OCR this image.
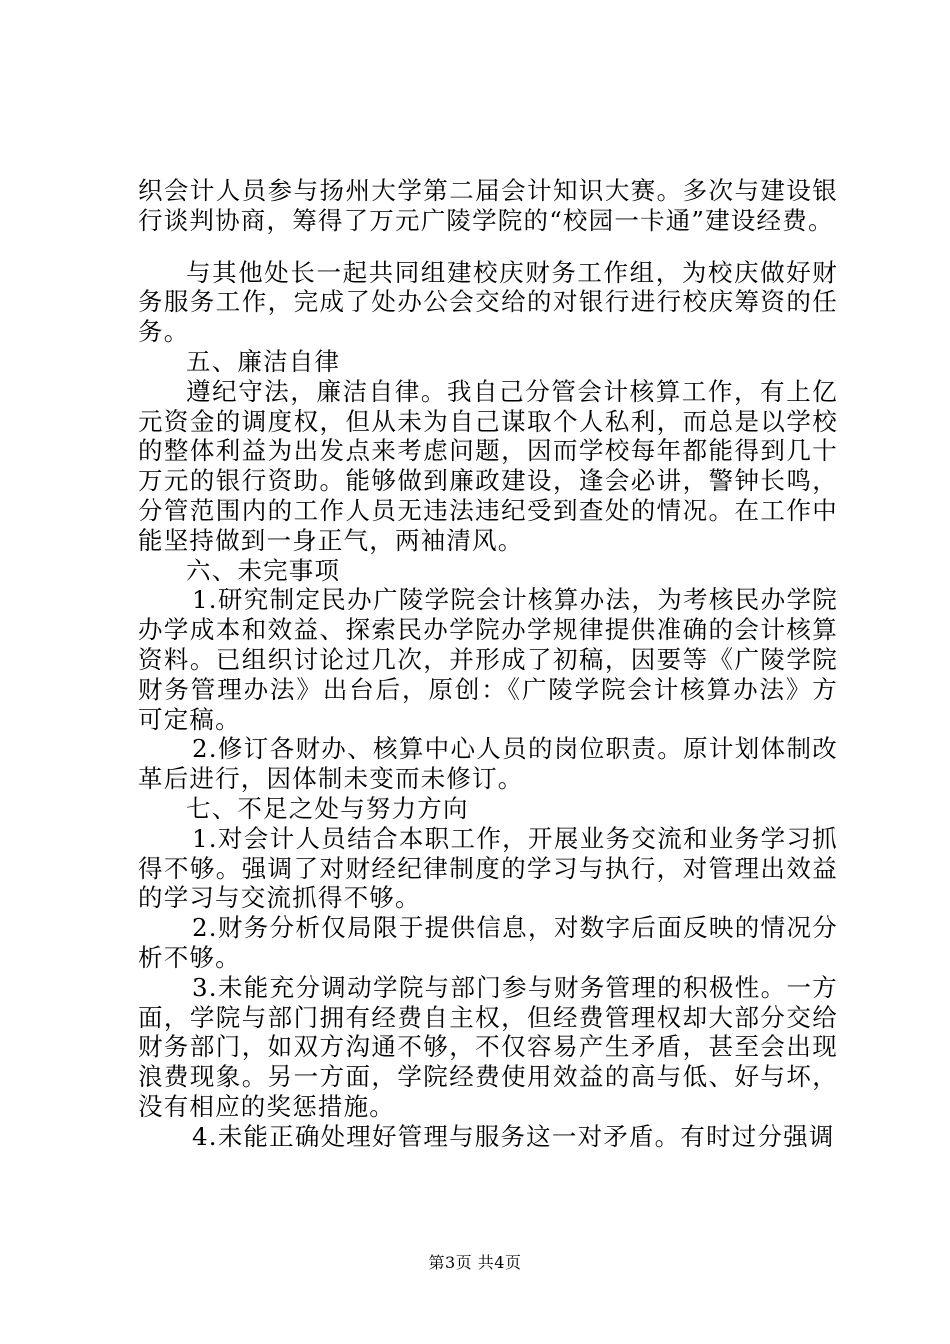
织会计人员参与扬州大学第二届会计知识大赛。多次与建设银行谈判协商，筹得了万元广陵学院的“校园一卡通”建设经费。

与其他处长一起共同组建校庆财务工作组，为校庆做好财务服务工作，完成了处办公会交给的对银行进行校庆筹资的任务。

五、廉洁自律

遵纪守法，廉洁自律。我自己分管会计核算工作，有上亿元资金的调度权，但从未为自己谋取个人私利，而总是以学校的整体利益为出发点来考虑问题，因而学校每年都能得到几十万元的银行资助。能够做到廉政建设，逢会必讲，警钟长鸣，分管范围内的工作人员无违法违纪受到查处的情况。在工作中能坚持做到一身正气，两袖清风。

六、未完事项

1.研究制定民办广陵学院会计核算办法，为考核民办学院办学成本和效益、探索民办学院办学规律提供准确的会计核算资料。已组织讨论过几次，并形成了初稿，因要等《广陵学院财务管理办法》出台后，原创：《广陵学院会计核算办法》方可定稿。

2.修订各财办、核算中心人员的岗位职责。原计划体制改革后进行，因体制未变而未修订。

七、不足之处与努力方向

1.对会计人员结合本职工作，开展业务交流和业务学习抓得不够。强调了对财经纪律制度的学习与执行，对管理出效益的学习与交流抓得不够。

2.财务分析仅局限于提供信息，对数字后面反映的情况分析不够。

3.未能充分调动学院与部门参与财务管理的积极性。一方面，学院与部门拥有经费自主权，但经费管理权却大部分交给财务部门，如双方沟通不够，不仅容易产生矛盾，甚至会出现浪费现象。另一方面，学院经费使用效益的高与低、好与坏，没有相应的奖惩措施。

4.未能正确处理好管理与服务这一对矛盾。有时过分强调

第3页 共4页
